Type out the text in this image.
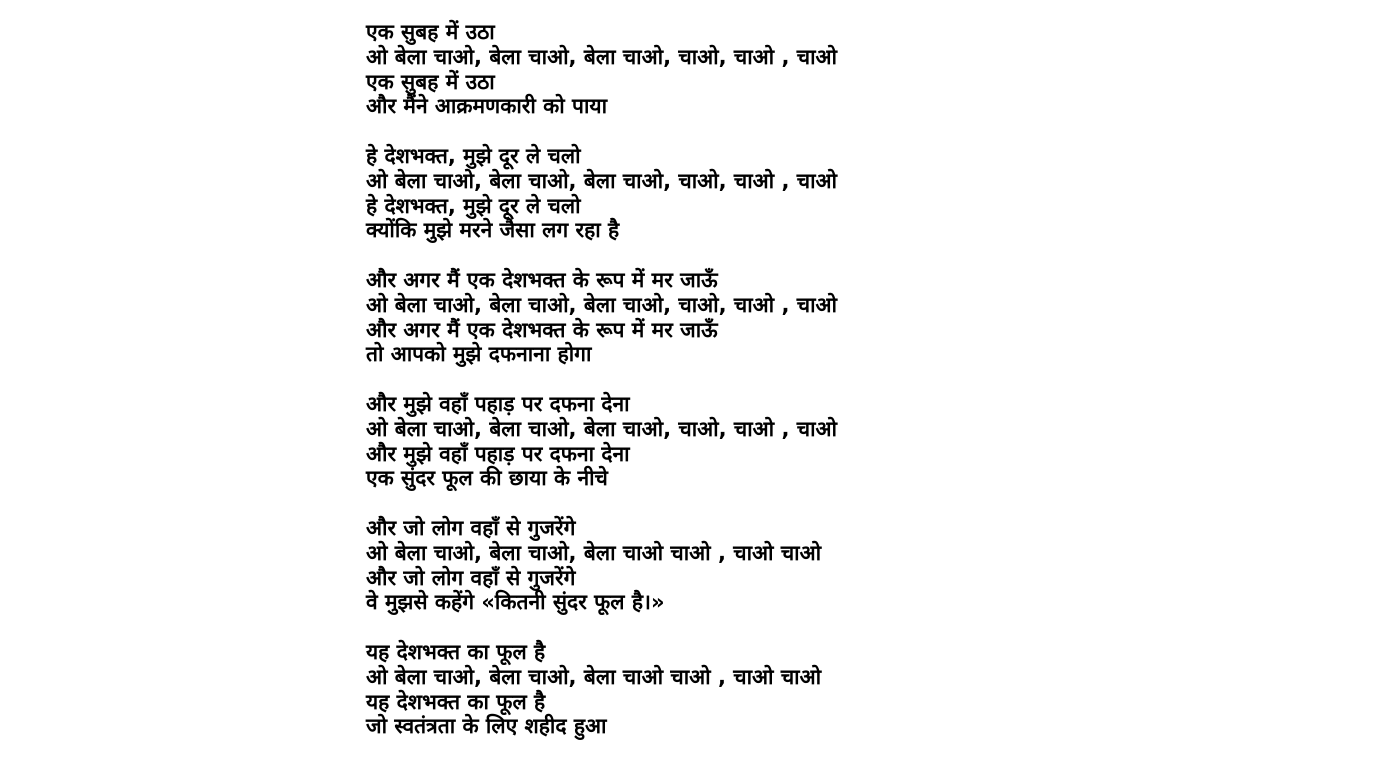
एक सुबह में उठा
ओ बेला चाओ, बेला चाओ, बेला चाओ, चाओ, चाओ , चाओ
एक सुबह में उठा
और मैंने आक्रमणकारी को पाया
हे देशभक्त, मुझे दूर ले चलो
ओ बेला चाओ, बेला चाओ, बेला चाओ, चाओ, चाओ , चाओ
हे देशभक्त, मुझे दूर ले चलो
क्योंकि मुझे मरने जैसा लग रहा है
और अगर मैं एक देशभक्त के रूप में मर जाऊँ
ओ बेला चाओ, बेला चाओ, बेला चाओ, चाओ, चाओ , चाओ
और अगर मैं एक देशभक्त के रूप में मर जाऊँ
तो आपको मुझे दफनाना होगा
और मुझे वहाँ पहाड़ पर दफना देना
ओ बेला चाओ, बेला चाओ, बेला चाओ, चाओ, चाओ , चाओ
और मुझे वहाँ पहाड़ पर दफना देना
एक सुंदर फूल की छाया के नीचे
और जो लोग वहाँ से गुजरेंगे
ओ बेला चाओ, बेला चाओ, बेला चाओ चाओ , चाओ चाओ
और जो लोग वहाँ से गुजरेंगे
वे मुझसे कहेंगे «कितनी सुंदर फूल है।»
यह देशभक्त का फूल है
ओ बेला चाओ, बेला चाओ, बेला चाओ चाओ , चाओ चाओ
यह देशभक्त का फूल है
जो स्वतंत्रता के लिए शहीद हुआ
